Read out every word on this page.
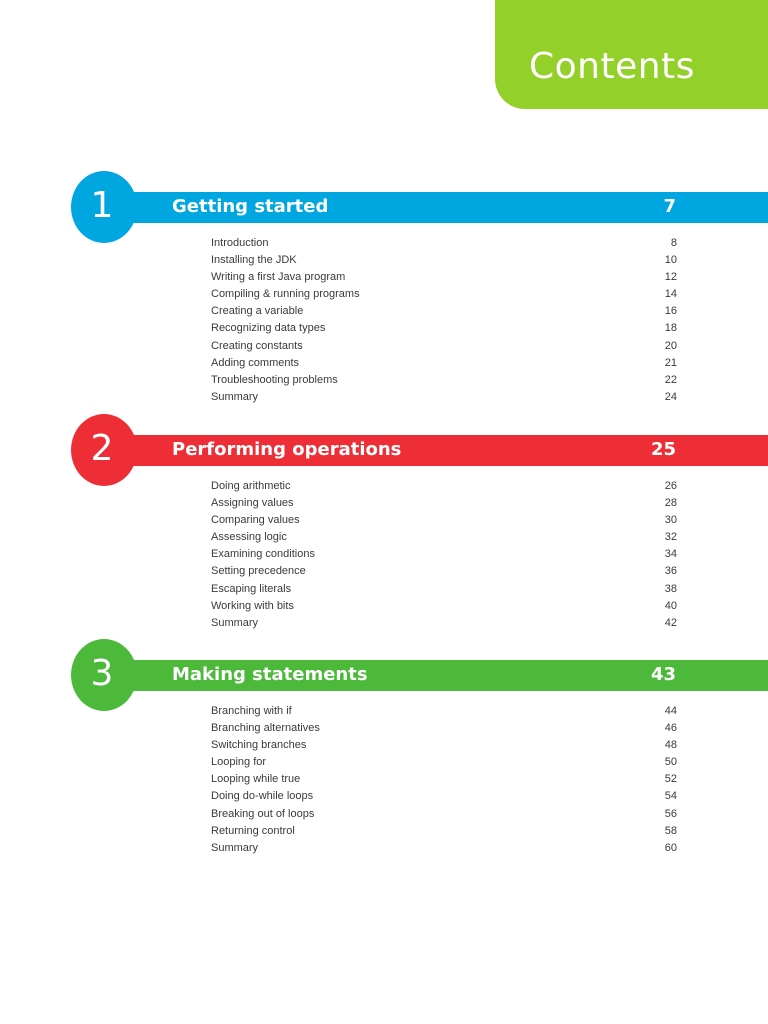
Contents
Getting started	7
1
Introduction	8
Installing the JDK	10
Writing a first Java program	12
Compiling & running programs	14
Creating a variable	16
Recognizing data types	18
Creating constants	20
Adding comments	21
Troubleshooting problems	22
Summary	24
Performing operations	25
2
Doing arithmetic	26
Assigning values	28
Comparing values	30
Assessing logic	32
Examining conditions	34
Setting precedence	36
Escaping literals	38
Working with bits	40
Summary	42
Making statements	43
3
Branching with if	44
Branching alternatives	46
Switching branches	48
Looping for	50
Looping while true	52
Doing do-while loops	54
Breaking out of loops	56
Returning control	58
Summary	60
